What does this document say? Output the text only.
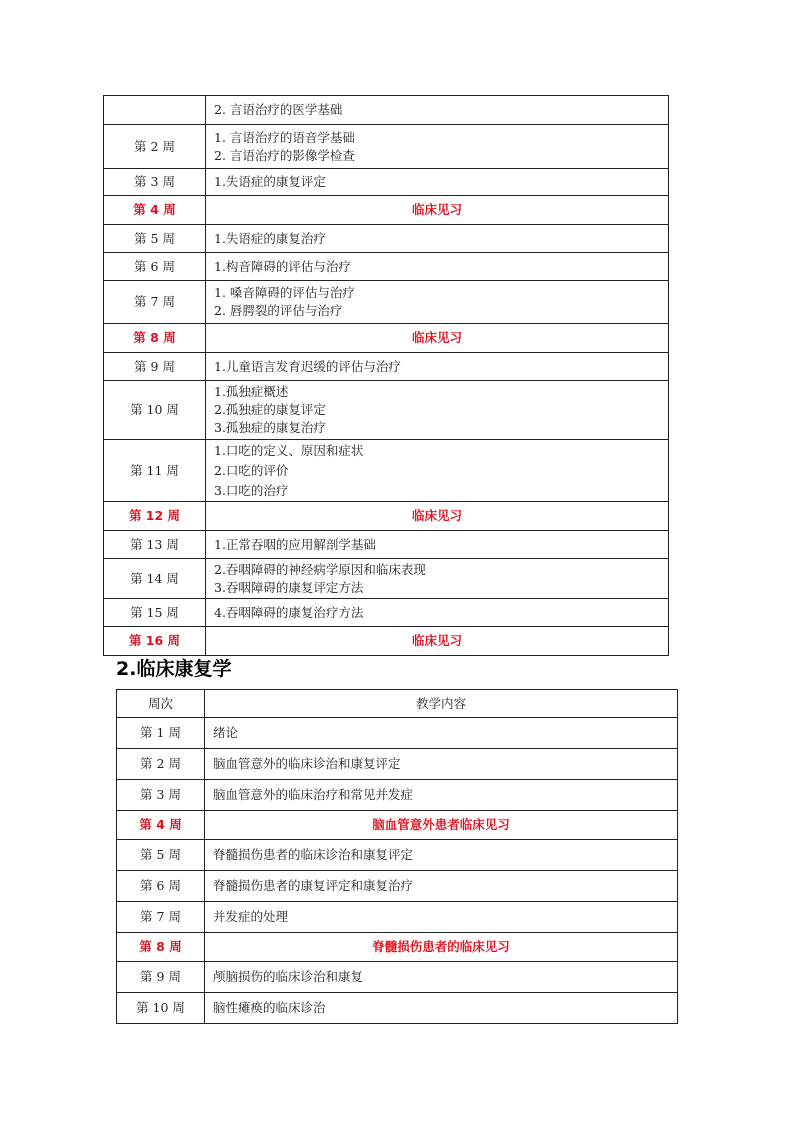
	2. 言语治疗的医学基础

第 2 周	1. 言语治疗的语音学基础
2. 言语治疗的影像学检查

第 3 周	1.失语症的康复评定

第 4 周	临床见习

第 5 周	1.失语症的康复治疗

第 6 周	1.构音障碍的评估与治疗

第 7 周	1. 嗓音障碍的评估与治疗
2. 唇腭裂的评估与治疗

第 8 周	临床见习

第 9 周	1.儿童语言发育迟缓的评估与治疗

第 10 周	1.孤独症概述
2.孤独症的康复评定
3.孤独症的康复治疗

第 11 周	1.口吃的定义、原因和症状
2.口吃的评价
3.口吃的治疗

第 12 周	临床见习

第 13 周	1.正常吞咽的应用解剖学基础

第 14 周	2.吞咽障碍的神经病学原因和临床表现
3.吞咽障碍的康复评定方法

第 15 周	4.吞咽障碍的康复治疗方法

第 16 周	临床见习
2.临床康复学
周次	教学内容
第 1 周	绪论
第 2 周	脑血管意外的临床诊治和康复评定
第 3 周	脑血管意外的临床治疗和常见并发症
第 4 周	脑血管意外患者临床见习
第 5 周	脊髓损伤患者的临床诊治和康复评定
第 6 周	脊髓损伤患者的康复评定和康复治疗
第 7 周	并发症的处理
第 8 周	脊髓损伤患者的临床见习
第 9 周	颅脑损伤的临床诊治和康复
第 10 周	脑性瘫痪的临床诊治
